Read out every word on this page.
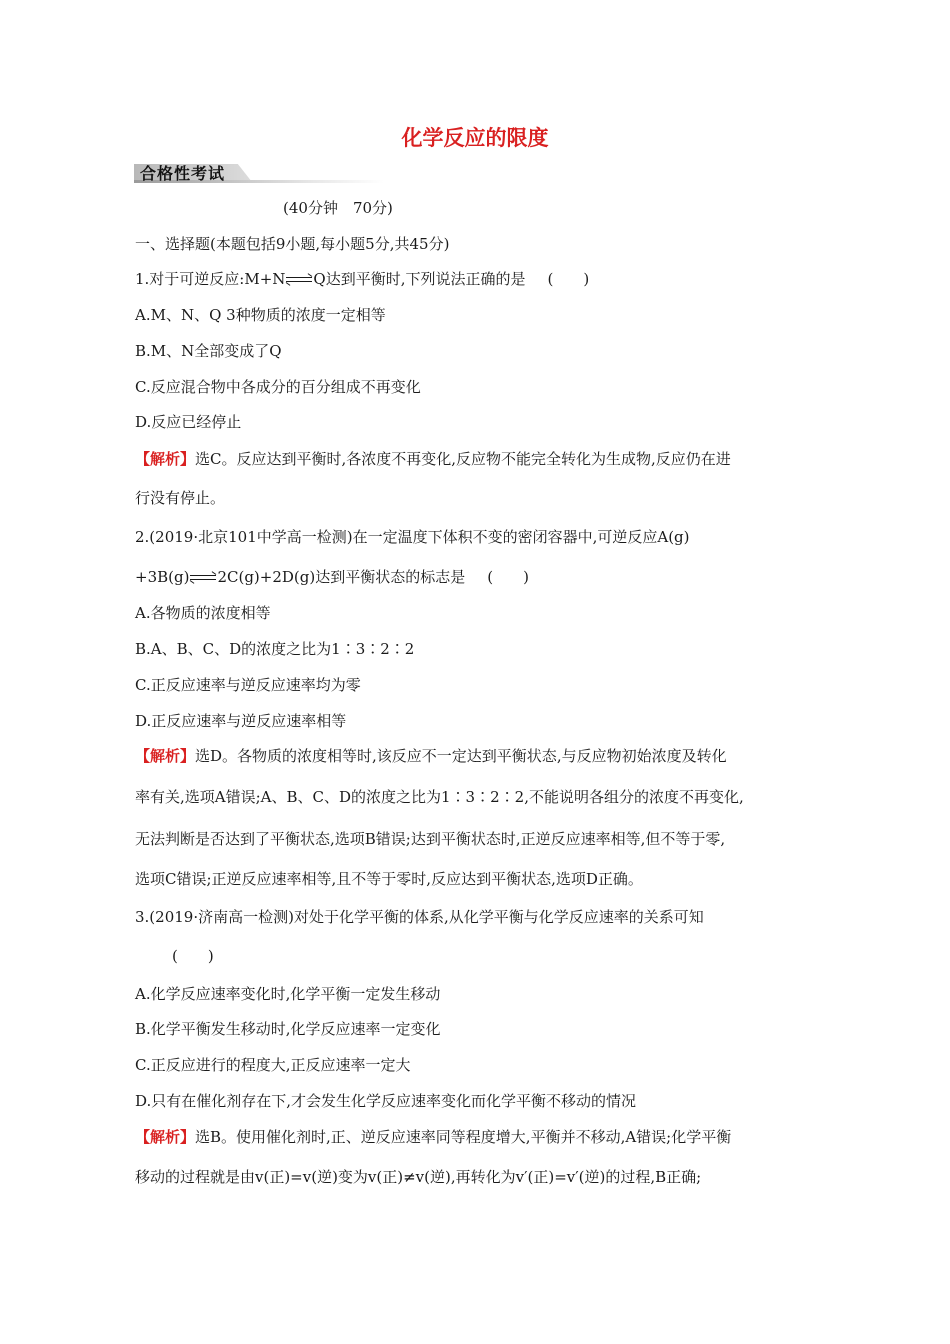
化学反应的限度
合格性考试
(40分钟　70分)
一、选择题(本题包括9小题,每小题5分,共45分)
1.对于可逆反应:M+N Q达到平衡时,下列说法正确的是 (　　)
A.M、N、Q 3种物质的浓度一定相等
B.M、N全部变成了Q
C.反应混合物中各成分的百分组成不再变化
D.反应已经停止
【解析】选C。反应达到平衡时,各浓度不再变化,反应物不能完全转化为生成物,反应仍在进
行没有停止。
2.(2019·北京101中学高一检测)在一定温度下体积不变的密闭容器中,可逆反应A(g)
+3B(g) 2C(g)+2D(g)达到平衡状态的标志是 (　　)
A.各物质的浓度相等
B.A、B、C、D的浓度之比为1∶3∶2∶2
C.正反应速率与逆反应速率均为零
D.正反应速率与逆反应速率相等
【解析】选D。各物质的浓度相等时,该反应不一定达到平衡状态,与反应物初始浓度及转化
率有关,选项A错误;A、B、C、D的浓度之比为1∶3∶2∶2,不能说明各组分的浓度不再变化,
无法判断是否达到了平衡状态,选项B错误;达到平衡状态时,正逆反应速率相等,但不等于零,
选项C错误;正逆反应速率相等,且不等于零时,反应达到平衡状态,选项D正确。
3.(2019·济南高一检测)对处于化学平衡的体系,从化学平衡与化学反应速率的关系可知
(　　)
A.化学反应速率变化时,化学平衡一定发生移动
B.化学平衡发生移动时,化学反应速率一定变化
C.正反应进行的程度大,正反应速率一定大
D.只有在催化剂存在下,才会发生化学反应速率变化而化学平衡不移动的情况
【解析】选B。使用催化剂时,正、逆反应速率同等程度增大,平衡并不移动,A错误;化学平衡
移动的过程就是由v(正)=v(逆)变为v(正)≠v(逆),再转化为v′(正)=v′(逆)的过程,B正确;
